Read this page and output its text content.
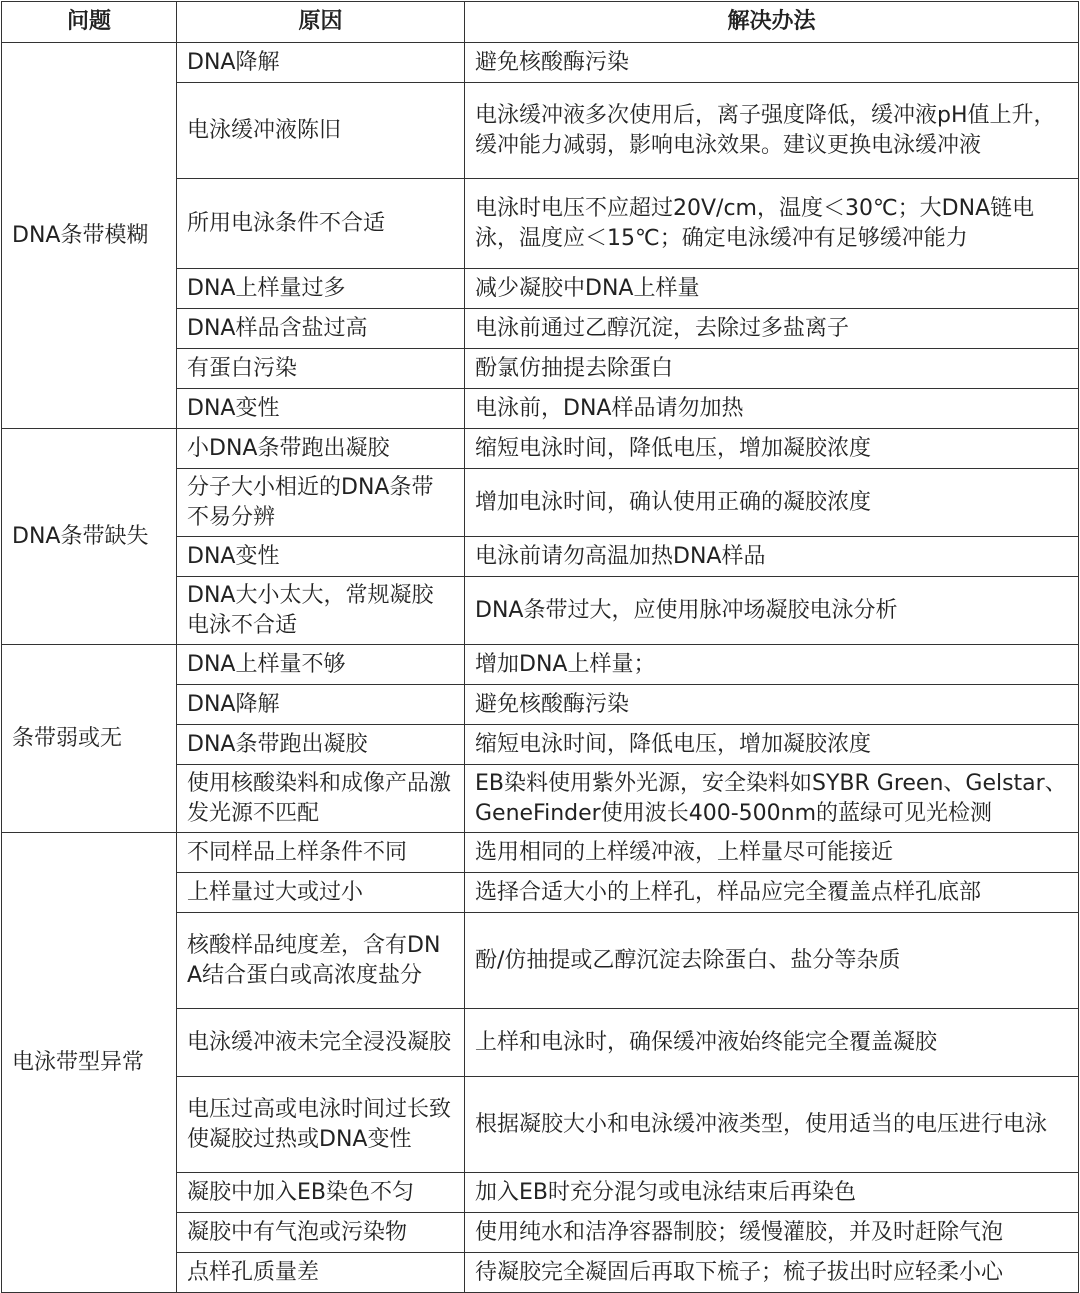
问题	原因	解决办法
DNA条带模糊	DNA降解	避免核酸酶污染
	电泳缓冲液陈旧	电泳缓冲液多次使用后，离子强度降低，缓冲液pH值上升，缓冲能力减弱，影响电泳效果。建议更换电泳缓冲液
	所用电泳条件不合适	电泳时电压不应超过20V/cm，温度＜30℃；大DNA链电泳，温度应＜15℃；确定电泳缓冲有足够缓冲能力
	DNA上样量过多	减少凝胶中DNA上样量
	DNA样品含盐过高	电泳前通过乙醇沉淀，去除过多盐离子
	有蛋白污染	酚氯仿抽提去除蛋白
	DNA变性	电泳前，DNA样品请勿加热
DNA条带缺失	小DNA条带跑出凝胶	缩短电泳时间，降低电压，增加凝胶浓度
	分子大小相近的DNA条带不易分辨	增加电泳时间，确认使用正确的凝胶浓度
	DNA变性	电泳前请勿高温加热DNA样品
	DNA大小太大，常规凝胶电泳不合适	DNA条带过大，应使用脉冲场凝胶电泳分析
条带弱或无	DNA上样量不够	增加DNA上样量；
	DNA降解	避免核酸酶污染
	DNA条带跑出凝胶	缩短电泳时间，降低电压，增加凝胶浓度
	使用核酸染料和成像产品激发光源不匹配	EB染料使用紫外光源，安全染料如SYBR Green、Gelstar、GeneFinder使用波长400-500nm的蓝绿可见光检测
电泳带型异常	不同样品上样条件不同	选用相同的上样缓冲液，上样量尽可能接近
	上样量过大或过小	选择合适大小的上样孔，样品应完全覆盖点样孔底部
	核酸样品纯度差，含有DNA结合蛋白或高浓度盐分	酚/仿抽提或乙醇沉淀去除蛋白、盐分等杂质
	电泳缓冲液未完全浸没凝胶	上样和电泳时，确保缓冲液始终能完全覆盖凝胶
	电压过高或电泳时间过长致使凝胶过热或DNA变性	根据凝胶大小和电泳缓冲液类型，使用适当的电压进行电泳
	凝胶中加入EB染色不匀	加入EB时充分混匀或电泳结束后再染色
	凝胶中有气泡或污染物	使用纯水和洁净容器制胶；缓慢灌胶，并及时赶除气泡
	点样孔质量差	待凝胶完全凝固后再取下梳子；梳子拔出时应轻柔小心
